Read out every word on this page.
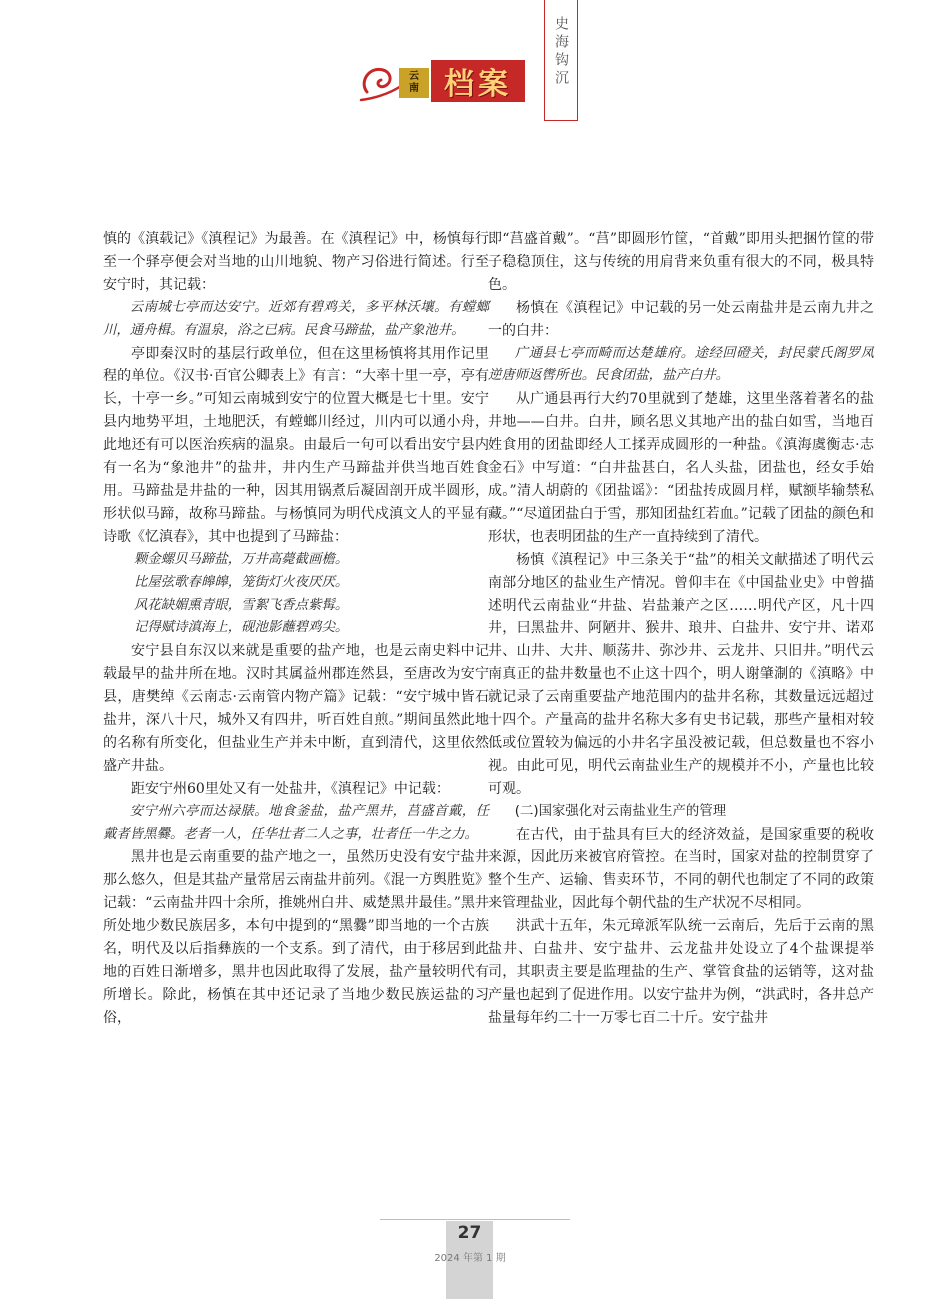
云
南 档案	史海钩沉

慎的《滇载记》《滇程记》为最善。在《滇程记》中，杨慎每行至一个驿亭便会对当地的山川地貌、物产习俗进行简述。行至安宁时，其记载：

云南城七亭而达安宁。近郊有碧鸡关，多平林沃壤。有螳螂川，通舟楫。有温泉，浴之已病。民食马蹄盐，盐产象池井。

亭即秦汉时的基层行政单位，但在这里杨慎将其用作记里程的单位。《汉书·百官公卿表上》有言：“大率十里一亭，亭有长，十亭一乡。”可知云南城到安宁的位置大概是七十里。安宁县内地势平坦，土地肥沃，有螳螂川经过，川内可以通小舟，此地还有可以医治疾病的温泉。由最后一句可以看出安宁县内有一名为“象池井”的盐井，井内生产马蹄盐并供当地百姓食用。马蹄盐是井盐的一种，因其用锅煮后凝固剖开成半圆形，形状似马蹄，故称马蹄盐。与杨慎同为明代戍滇文人的平显有诗歌《忆滇春》，其中也提到了马蹄盐：

颗金螺贝马蹄盐，万井高薨截画檐。

比屋弦歌春皞皞，笼街灯火夜厌厌。

风花缺媚熏青眼，雪絮飞香点紫髯。

记得赋诗滇海上，砚池影蘸碧鸡尖。

安宁县自东汉以来就是重要的盐产地，也是云南史料中记载最早的盐井所在地。汉时其属益州郡连然县，至唐改为安宁县，唐樊绰《云南志·云南管内物产篇》记载：“安宁城中皆石盐井，深八十尺，城外又有四井，听百姓自煎。”期间虽然此地的名称有所变化，但盐业生产并未中断，直到清代，这里依然盛产井盐。

距安宁州60里处又有一处盐井，《滇程记》中记载：

安宁州六亭而达禄脿。地食釜盐，盐产黑井，莒盛首戴，任戴者皆黑爨。老者一人，任华壮者二人之事，壮者任一牛之力。

黑井也是云南重要的盐产地之一，虽然历史没有安宁盐井那么悠久，但是其盐产量常居云南盐井前列。《混一方舆胜览》记载：“云南盐井四十余所，推姚州白井、威楚黑井最佳。”黑井所处地少数民族居多，本句中提到的“黑爨”即当地的一个古族名，明代及以后指彝族的一个支系。到了清代，由于移居到此地的百姓日渐增多，黑井也因此取得了发展，盐产量较明代有所增长。除此，杨慎在其中还记录了当地少数民族运盐的习俗，

即“莒盛首戴”。“莒”即圆形竹筐，“首戴”即用头把捆竹筐的带子稳稳顶住，这与传统的用肩背来负重有很大的不同，极具特色。

杨慎在《滇程记》中记载的另一处云南盐井是云南九井之一的白井：

广通县七亭而畸而达楚雄府。途经回磴关，封民蒙氏阁罗凤逆唐师返辔所也。民食团盐，盐产白井。

从广通县再行大约70里就到了楚雄，这里坐落着著名的盐井地——白井。白井，顾名思义其地产出的盐白如雪，当地百姓食用的团盐即经人工揉弄成圆形的一种盐。《滇海虞衡志·志金石》中写道：“白井盐甚白，名人头盐，团盐也，经女手始成。”清人胡蔚的《团盐谣》：“团盐抟成圆月样，赋额毕输禁私藏。”“尽道团盐白于雪，那知团盐红若血。”记载了团盐的颜色和形状，也表明团盐的生产一直持续到了清代。

杨慎《滇程记》中三条关于“盐”的相关文献描述了明代云南部分地区的盐业生产情况。曾仰丰在《中国盐业史》中曾描述明代云南盐业“井盐、岩盐兼产之区……明代产区，凡十四井，曰黑盐井、阿陋井、猴井、琅井、白盐井、安宁井、诺邓井、山井、大井、顺荡井、弥沙井、云龙井、只旧井。”明代云南真正的盐井数量也不止这十四个，明人谢肇淛的《滇略》中就记录了云南重要盐产地范围内的盐井名称，其数量远远超过十四个。产量高的盐井名称大多有史书记载，那些产量相对较低或位置较为偏远的小井名字虽没被记载，但总数量也不容小视。由此可见，明代云南盐业生产的规模并不小，产量也比较可观。

(二)国家强化对云南盐业生产的管理

在古代，由于盐具有巨大的经济效益，是国家重要的税收来源，因此历来被官府管控。在当时，国家对盐的控制贯穿了整个生产、运输、售卖环节，不同的朝代也制定了不同的政策来管理盐业，因此每个朝代盐的生产状况不尽相同。

洪武十五年，朱元璋派军队统一云南后，先后于云南的黑盐井、白盐井、安宁盐井、云龙盐井处设立了4个盐课提举司，其职责主要是监理盐的生产、掌管食盐的运销等，这对盐产量也起到了促进作用。以安宁盐井为例，“洪武时，各井总产盐量每年约二十一万零七百二十斤。安宁盐井

27
2024 年第 1 期
